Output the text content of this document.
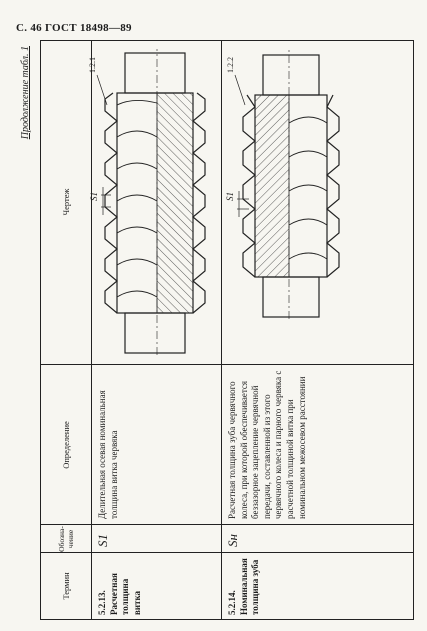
С. 46 ГОСТ 18498—89
Продолжение табл. 1
Термин
Обозна-
чение
Определение
Чертеж
5.2.13. Расчетная толщина витка
S1
Делительная осевая номинальная толщина витка червяка
5.2.14. Номинальная толщина зуба
Sн
Расчетная толщина зуба червячного колеса, при которой обеспечивается беззазорное зацепление червячной передачи, составленной из этого червячного колеса и парного червяка с расчетной толщиной витка при номинальном межосевом расстоянии
S1
1.2.1
S1
1.2.2
